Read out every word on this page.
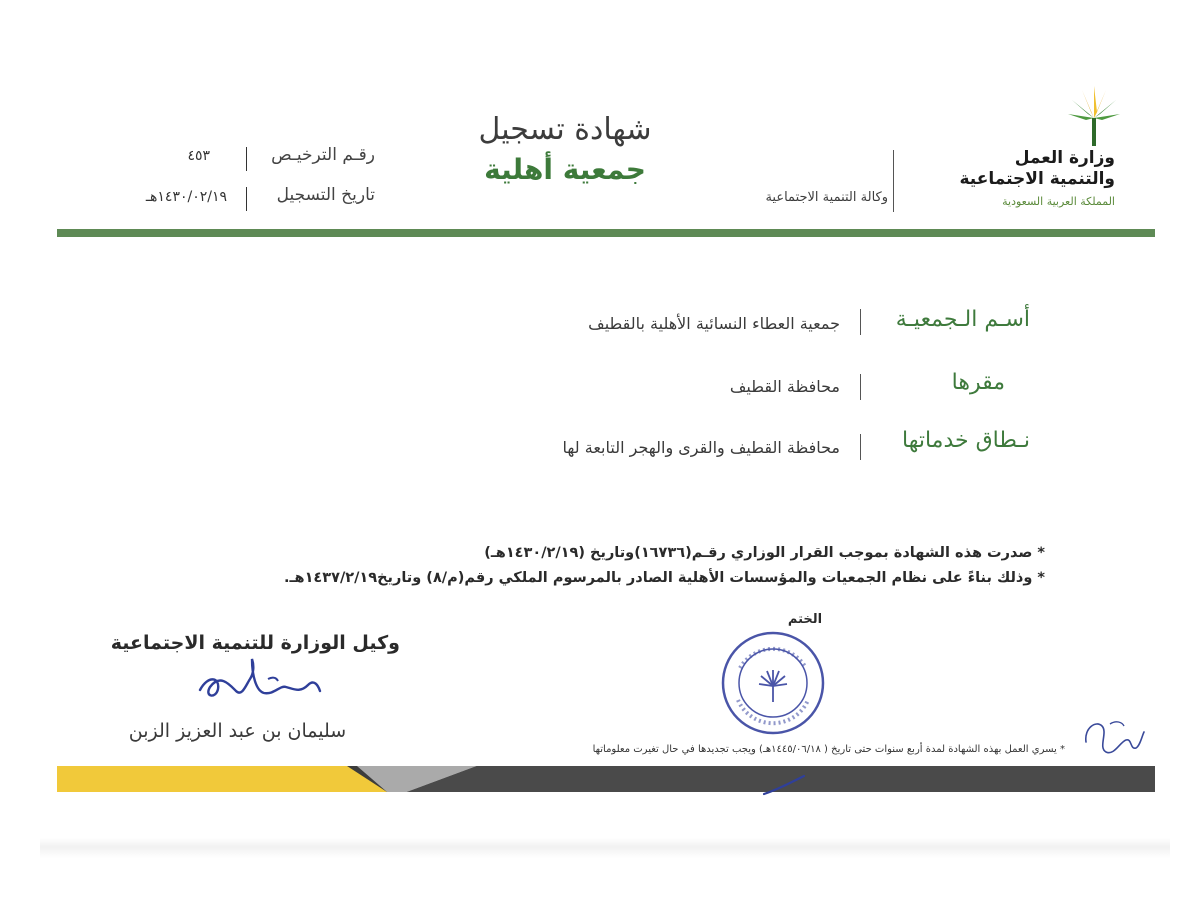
وزارة العمل
والتنمية الاجتماعية
المملكة العربية السعودية
وكالة التنمية الاجتماعية
شهادة تسجيل
جمعية أهلية
رقـم الترخيـص
٤٥٣
تاريخ التسجيل
١٤٣٠/٠٢/١٩هـ
أسـم الـجمعيـة
جمعية العطاء النسائية الأهلية بالقطيف
مقرها
محافظة القطيف
نـطاق خدماتها
محافظة القطيف والقرى والهجر التابعة لها
* صدرت هذه الشهادة بموجب القرار الوزاري رقـم(١٦٧٣٦)وتاريخ (١٤٣٠/٢/١٩هـ)
* وذلك بناءً على نظام الجمعيات والمؤسسات الأهلية الصادر بالمرسوم الملكي رقم(م/٨) وتاريخ١٤٣٧/٢/١٩هـ.
وكيل الوزارة للتنمية الاجتماعية
سليمان بن عبد العزيز الزبن
الختم
* يسري العمل بهذه الشهادة لمدة أربع سنوات حتى تاريخ ( ١٤٤٥/٠٦/١٨هـ) ويجب تجديدها في حال تغيرت معلوماتها
